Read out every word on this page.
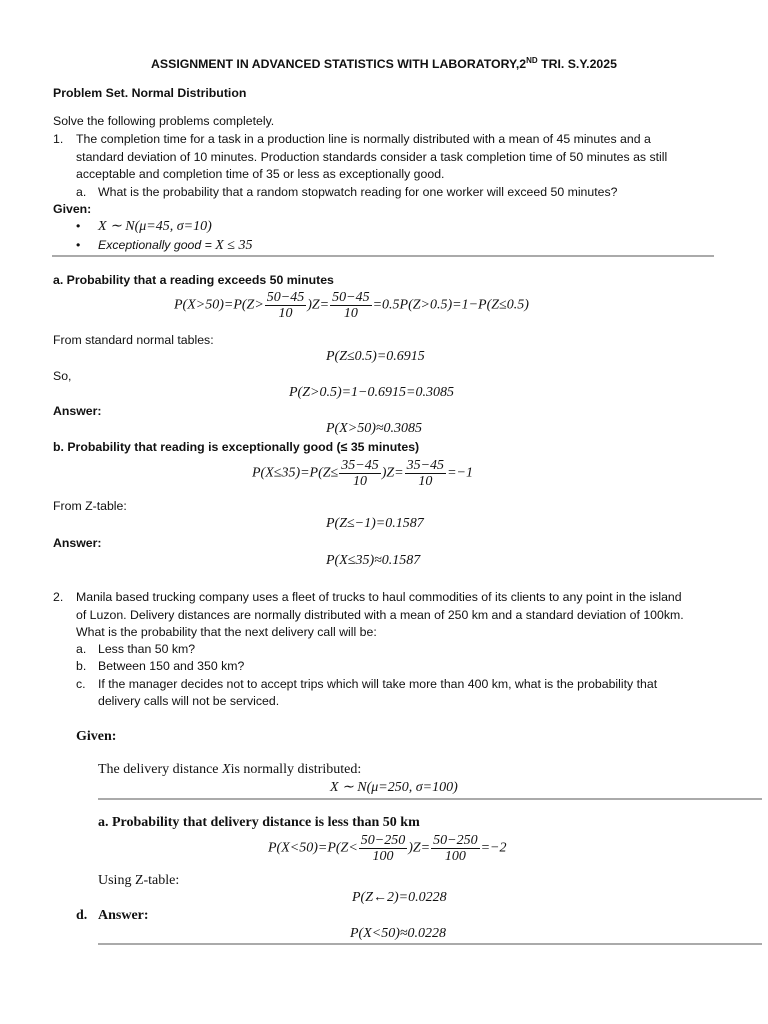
ASSIGNMENT IN ADVANCED STATISTICS WITH LABORATORY,2ND TRI. S.Y.2025
Problem Set. Normal Distribution
Solve the following problems completely.
1. The completion time for a task in a production line is normally distributed with a mean of 45 minutes and a
standard deviation of 10 minutes. Production standards consider a task completion time of 50 minutes as still
acceptable and completion time of 35 or less as exceptionally good.
a. What is the probability that a random stopwatch reading for one worker will exceed 50 minutes?
Given:
• X ∼ N(μ=45, σ=10)
• Exceptionally good = X ≤ 35
a. Probability that a reading exceeds 50 minutes
$P(X>50)=P(Z> \frac{50-45}{10} )Z= \frac{50-45}{10} =0.5P(Z>0.5)=1-P(Z\le 0.5)$
From standard normal tables:
P(Z≤0.5)=0.6915
So,
P(Z>0.5)=1−0.6915=0.3085
Answer:
P(X>50)≈0.3085
b. Probability that reading is exceptionally good (≤ 35 minutes)
$P(X\le 35)=P(Z\le \frac{35-45}{10} )Z= \frac{35-45}{10} =-1$
From Z-table:
P(Z≤−1)=0.1587
Answer:
P(X≤35)≈0.1587
2. Manila based trucking company uses a fleet of trucks to haul commodities of its clients to any point in the island
of Luzon. Delivery distances are normally distributed with a mean of 250 km and a standard deviation of 100km.
What is the probability that the next delivery call will be:
a. Less than 50 km?
b. Between 150 and 350 km?
c. If the manager decides not to accept trips which will take more than 400 km, what is the probability that
delivery calls will not be serviced.
Given:
The delivery distance Xis normally distributed:
X ∼ N(μ=250, σ=100)
a. Probability that delivery distance is less than 50 km
$P(X<50)=P(Z< \frac{50-250}{100} )Z= \frac{50-250}{100} =-2$
Using Z-table:
P(Z←2)=0.0228
d. Answer:
P(X<50)≈0.0228
